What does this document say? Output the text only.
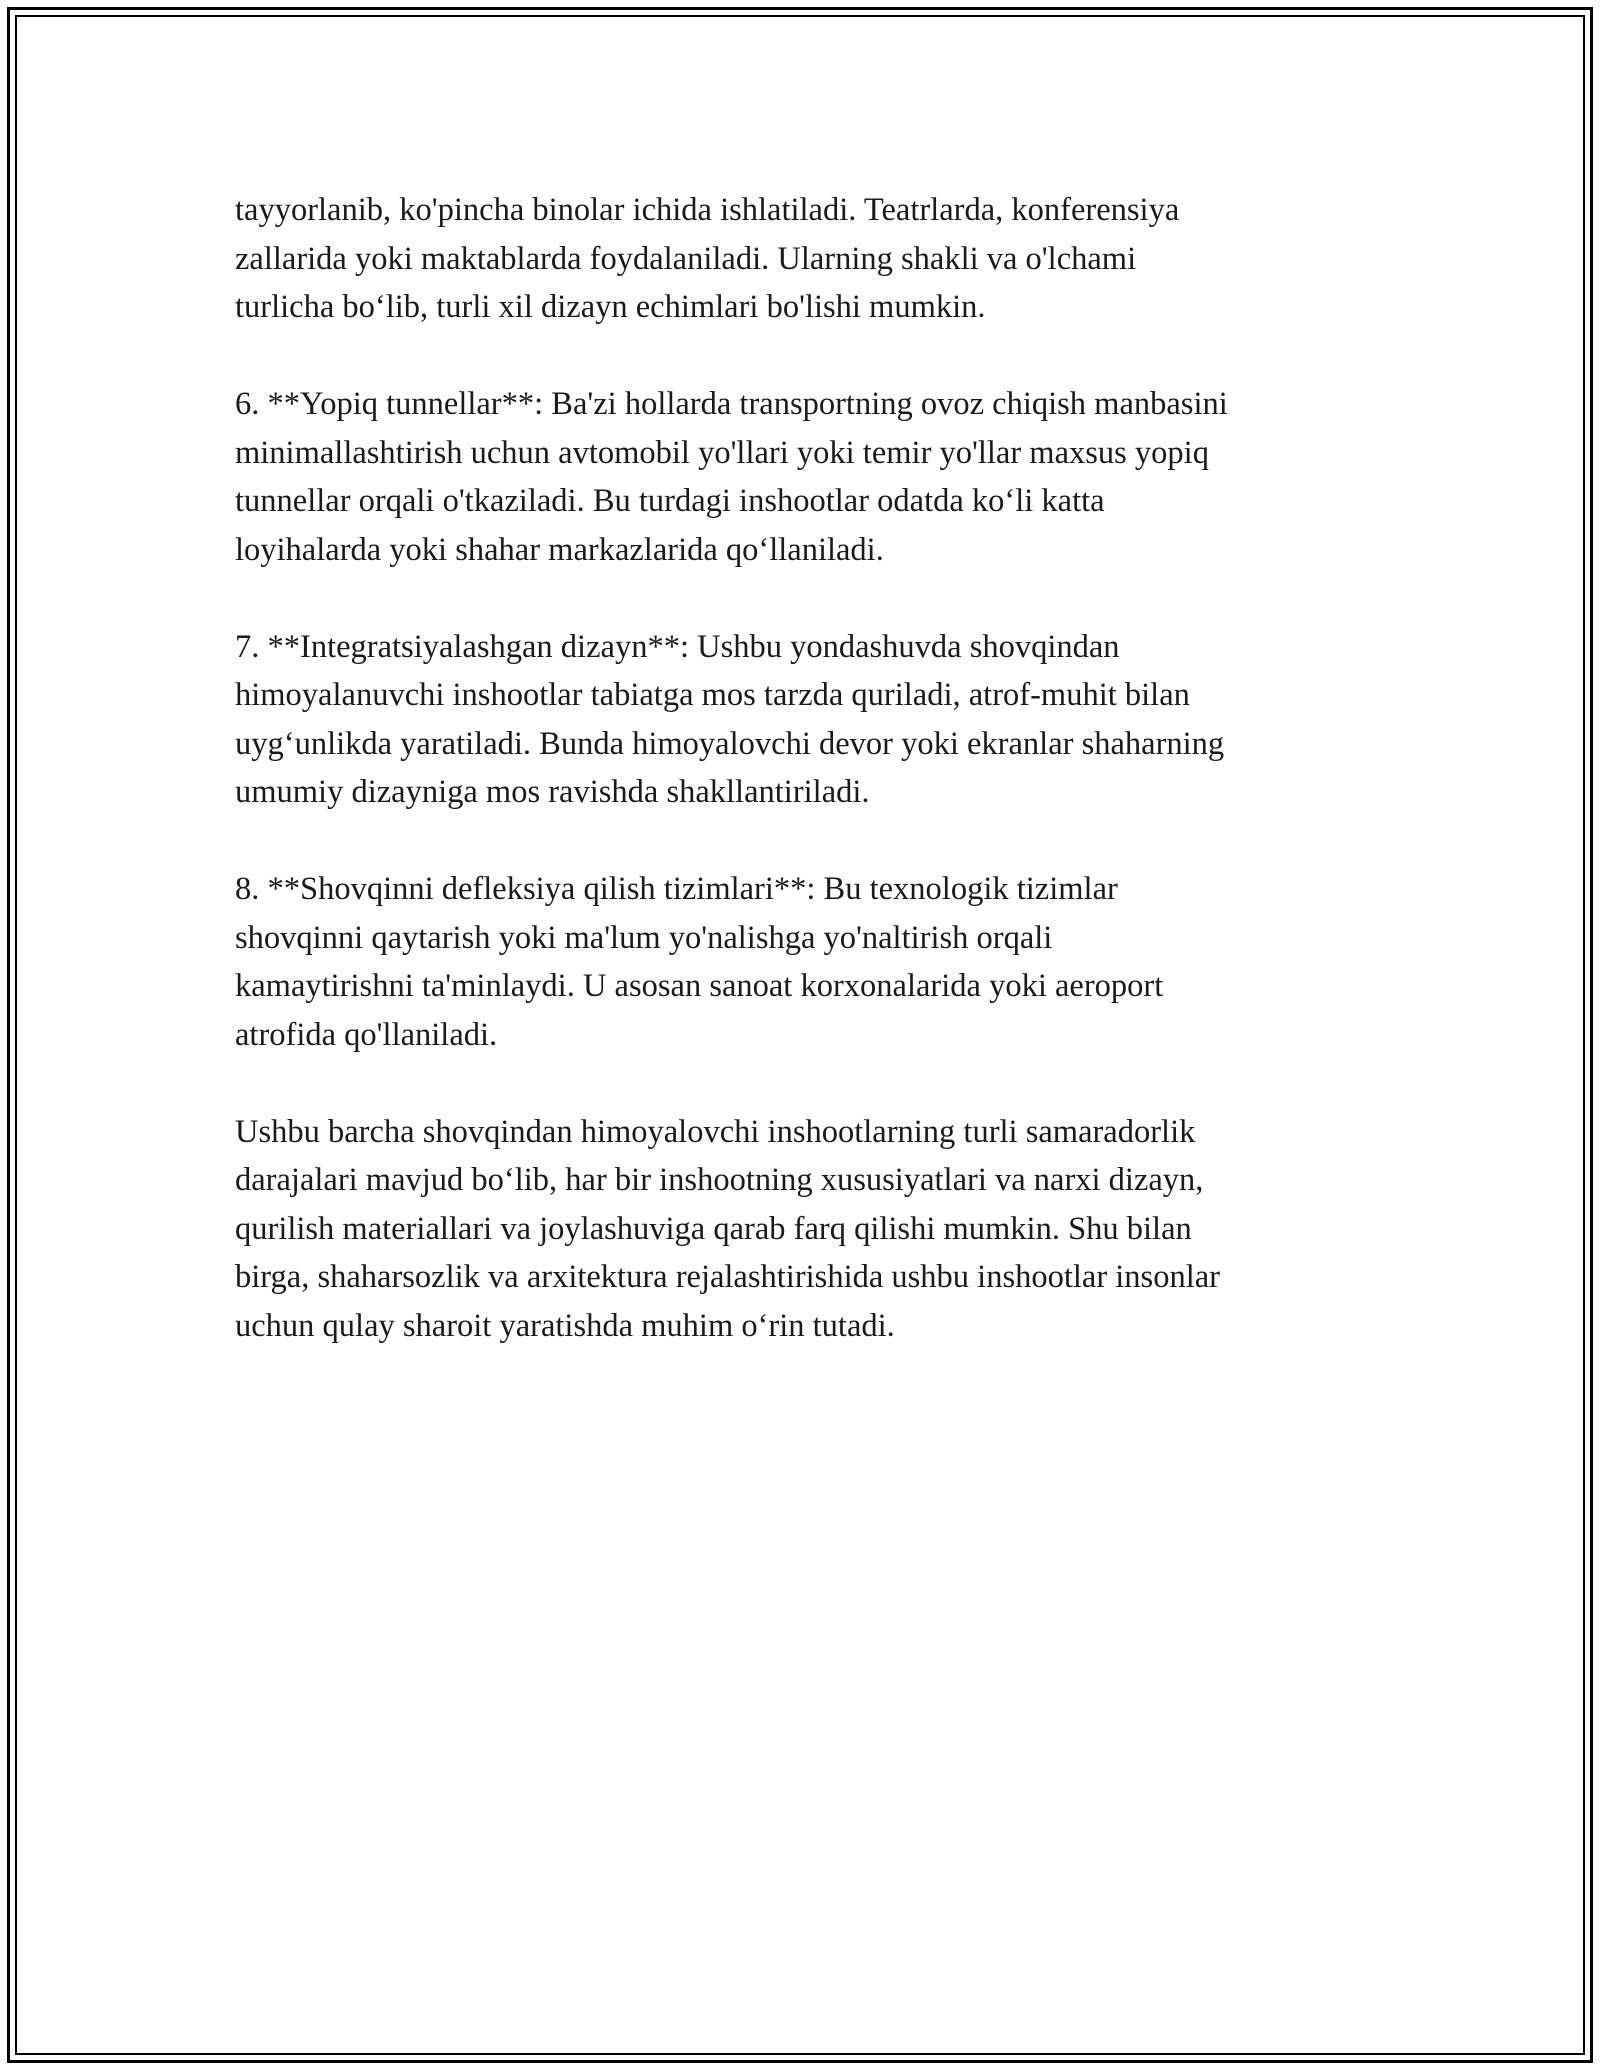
tayyorlanib, ko'pincha binolar ichida ishlatiladi. Teatrlarda, konferensiya
zallarida yoki maktablarda foydalaniladi. Ularning shakli va o'lchami
turlicha bo‘lib, turli xil dizayn echimlari bo'lishi mumkin.

6. **Yopiq tunnellar**: Ba'zi hollarda transportning ovoz chiqish manbasini
minimallashtirish uchun avtomobil yo'llari yoki temir yo'llar maxsus yopiq
tunnellar orqali o'tkaziladi. Bu turdagi inshootlar odatda ko‘li katta
loyihalarda yoki shahar markazlarida qo‘llaniladi.

7. **Integratsiyalashgan dizayn**: Ushbu yondashuvda shovqindan
himoyalanuvchi inshootlar tabiatga mos tarzda quriladi, atrof-muhit bilan
uyg‘unlikda yaratiladi. Bunda himoyalovchi devor yoki ekranlar shaharning
umumiy dizayniga mos ravishda shakllantiriladi.

8. **Shovqinni defleksiya qilish tizimlari**: Bu texnologik tizimlar
shovqinni qaytarish yoki ma'lum yo'nalishga yo'naltirish orqali
kamaytirishni ta'minlaydi. U asosan sanoat korxonalarida yoki aeroport
atrofida qo'llaniladi.

Ushbu barcha shovqindan himoyalovchi inshootlarning turli samaradorlik
darajalari mavjud bo‘lib, har bir inshootning xususiyatlari va narxi dizayn,
qurilish materiallari va joylashuviga qarab farq qilishi mumkin. Shu bilan
birga, shaharsozlik va arxitektura rejalashtirishida ushbu inshootlar insonlar
uchun qulay sharoit yaratishda muhim o‘rin tutadi.
